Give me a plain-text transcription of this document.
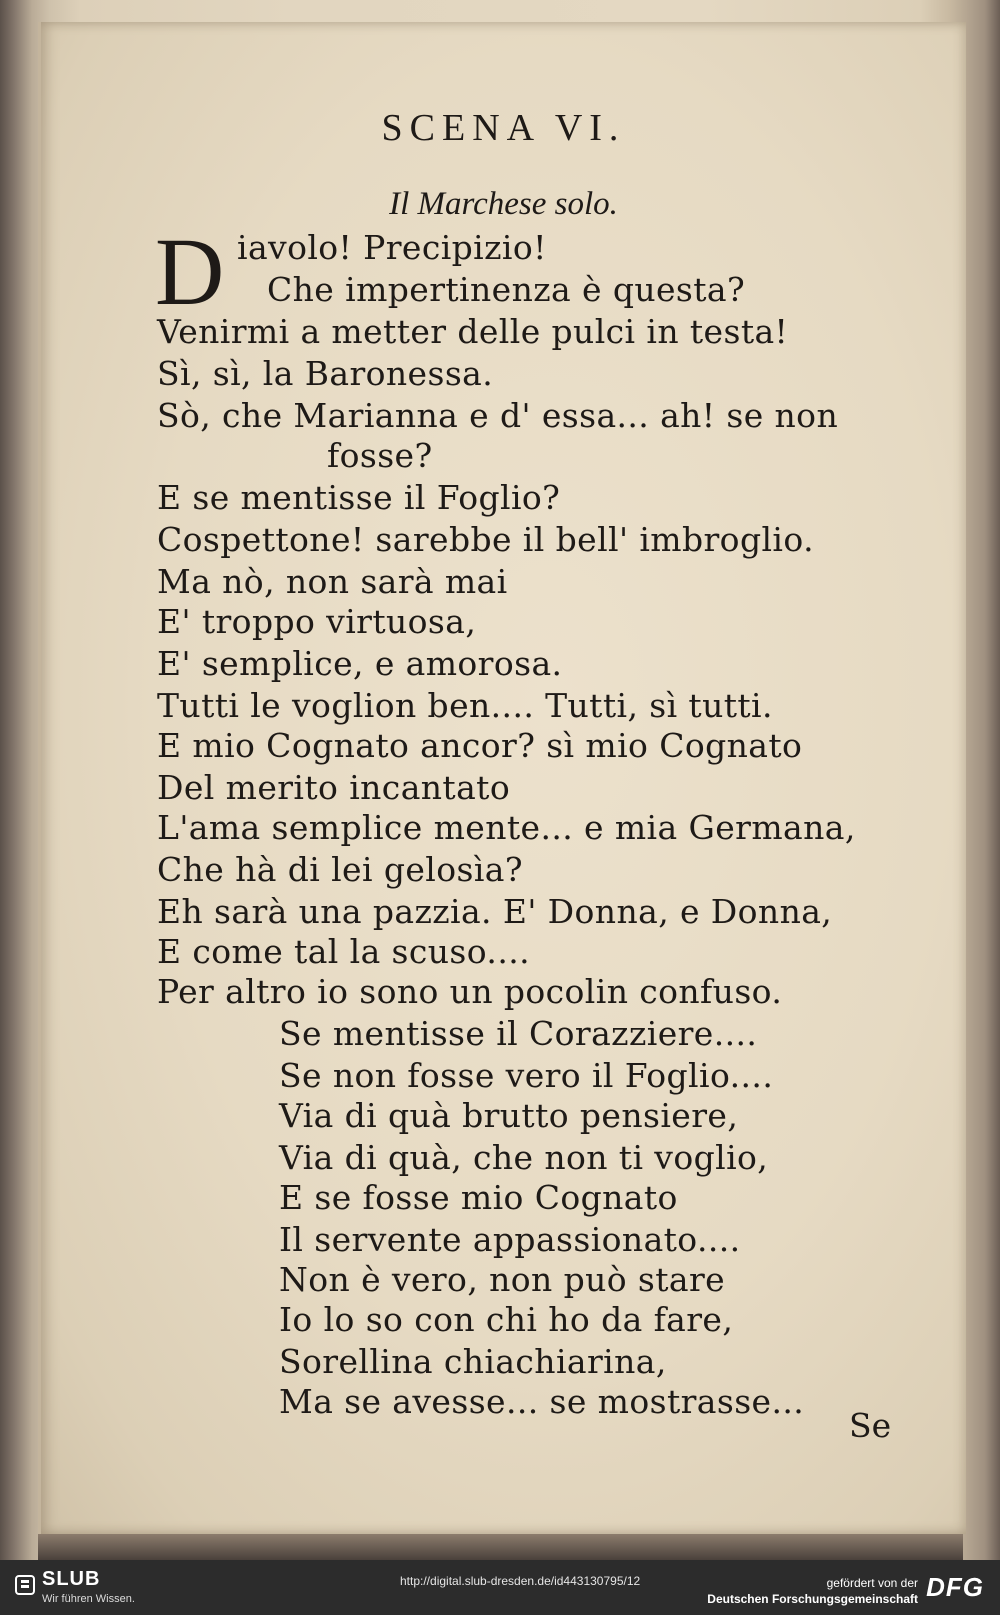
SCENA VI.
Il Marchese solo.
D iavolo! Precipizio!
Che impertinenza è questa?
Venirmi a metter delle pulci in testa!
Sì, sì, la Baronessa.
Sò, che Marianna e d' essa... ah! se non
fosse?
E se mentisse il Foglio?
Cospettone! sarebbe il bell' imbroglio.
Ma nò, non sarà mai
E' troppo virtuosa,
E' semplice, e amorosa.
Tutti le voglion ben.... Tutti, sì tutti.
E mio Cognato ancor? sì mio Cognato
Del merito incantato
L'ama semplice mente... e mia Germana,
Che hà di lei gelosìa?
Eh sarà una pazzia. E' Donna, e Donna,
E come tal la scuso....
Per altro io sono un pocolin confuso.
Se mentisse il Corazziere....
Se non fosse vero il Foglio....
Via di quà brutto pensiere,
Via di quà, che non ti voglio,
E se fosse mio Cognato
Il servente appassionato....
Non è vero, non può stare
Io lo so con chi ho da fare,
Sorellina chiachiarina,
Ma se avesse... se mostrasse...
Se
SLUB
Wir führen Wissen.
http://digital.slub-dresden.de/id443130795/12	gefördert von der
Deutschen Forschungsgemeinschaft DFG
